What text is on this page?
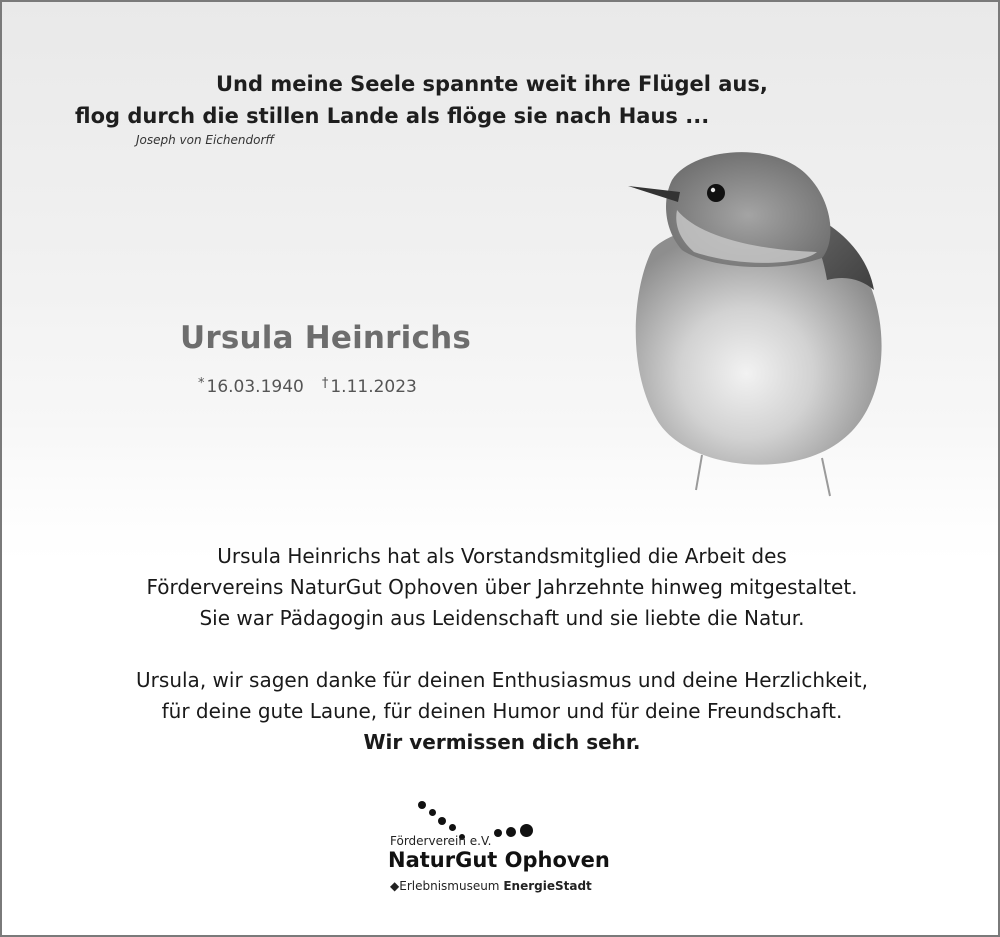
Und meine Seele spannte weit ihre Flügel aus,
flog durch die stillen Lande als flöge sie nach Haus ...
Joseph von Eichendorff
Ursula Heinrichs
* 16.03.1940 † 1.11.2023
Ursula Heinrichs hat als Vorstandsmitglied die Arbeit des
Fördervereins NaturGut Ophoven über Jahrzehnte hinweg mitgestaltet.
Sie war Pädagogin aus Leidenschaft und sie liebte die Natur.
Ursula, wir sagen danke für deinen Enthusiasmus und deine Herzlichkeit,
für deine gute Laune, für deinen Humor und für deine Freundschaft.
Wir vermissen dich sehr.
Förderverein e.V.
NaturGut Ophoven
◆Erlebnismuseum EnergieStadt
